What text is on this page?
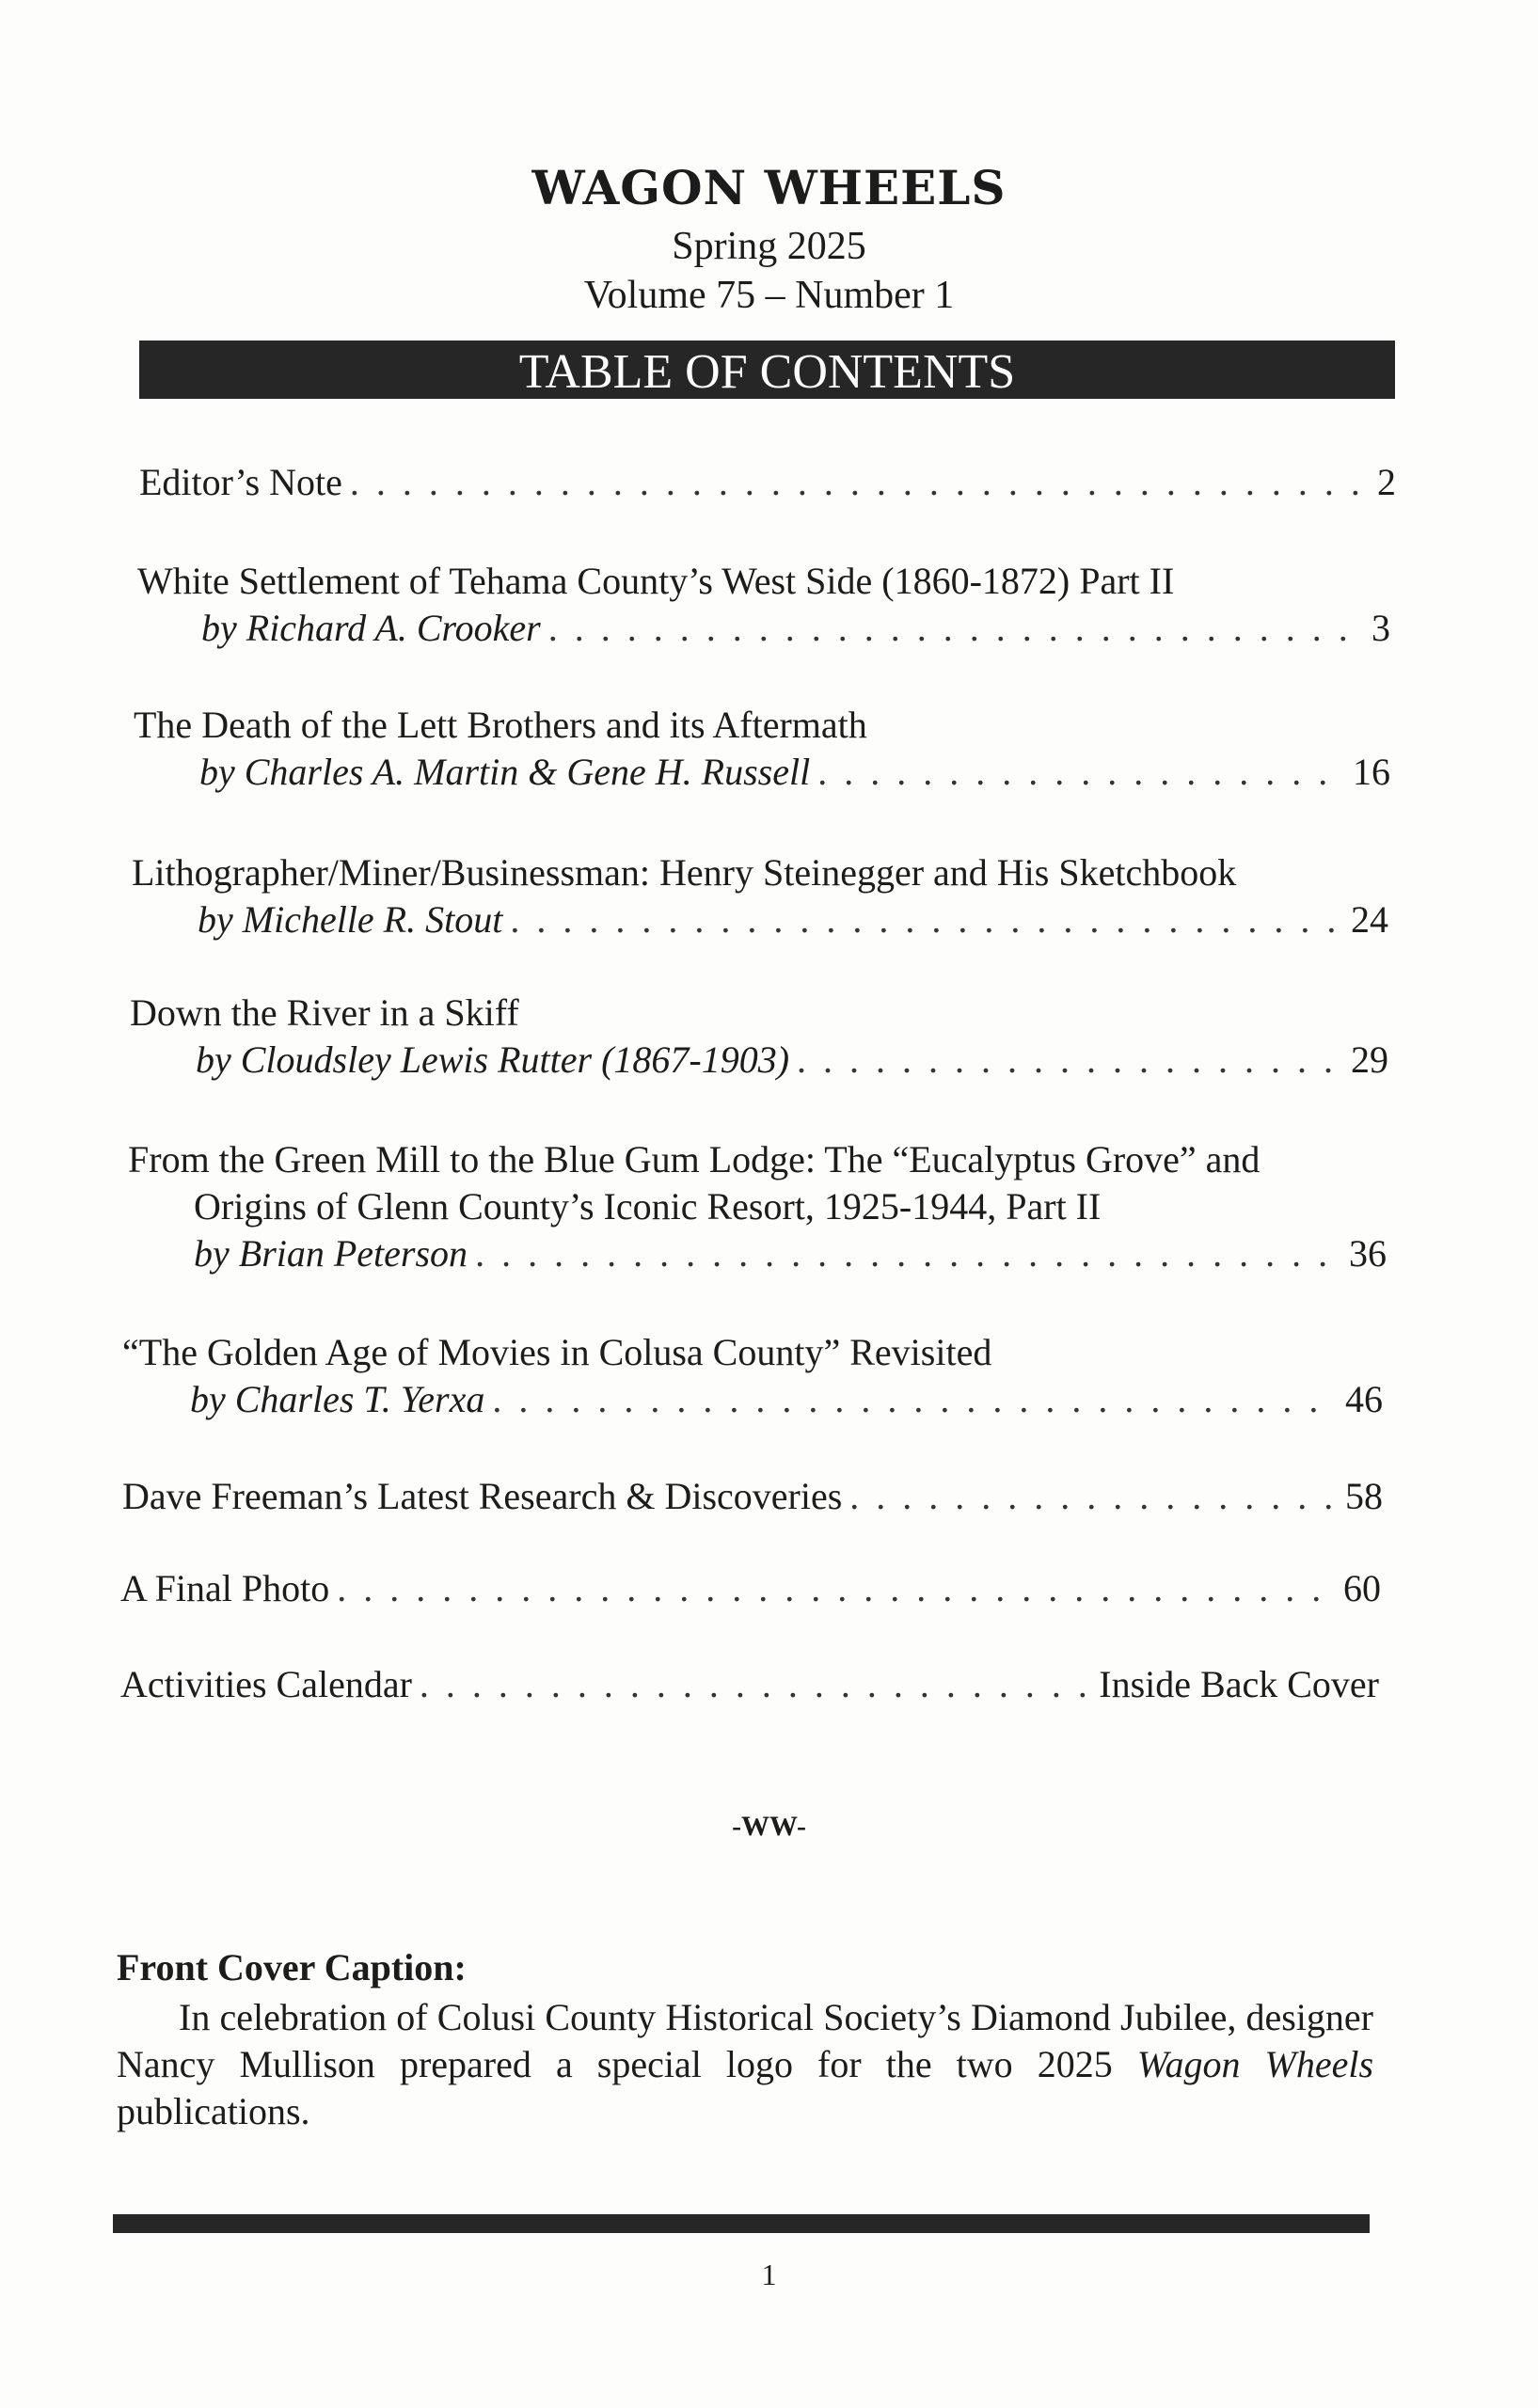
WAGON WHEELS
Spring 2025
Volume 75 – Number 1
TABLE OF CONTENTS
Editor’s Note . . .	2
White Settlement of Tehama County’s West Side (1860-1872) Part II
by Richard A. Crooker . . .	3
The Death of the Lett Brothers and its Aftermath
by Charles A. Martin & Gene H. Russell . . .	16
Lithographer/Miner/Businessman: Henry Steinegger and His Sketchbook
by Michelle R. Stout . . .	24
Down the River in a Skiff
by Cloudsley Lewis Rutter (1867-1903) . . .	29
From the Green Mill to the Blue Gum Lodge: The “Eucalyptus Grove” and
Origins of Glenn County’s Iconic Resort, 1925-1944, Part II
by Brian Peterson . . .	36
“The Golden Age of Movies in Colusa County” Revisited
by Charles T. Yerxa . . .	46
Dave Freeman’s Latest Research & Discoveries . . .	58
A Final Photo . . .	60
Activities Calendar . . .	Inside Back Cover
-WW-
Front Cover Caption:
In celebration of Colusi County Historical Society’s Diamond Jubilee, designer Nancy Mullison prepared a special logo for the two 2025 Wagon Wheels publications.
1
